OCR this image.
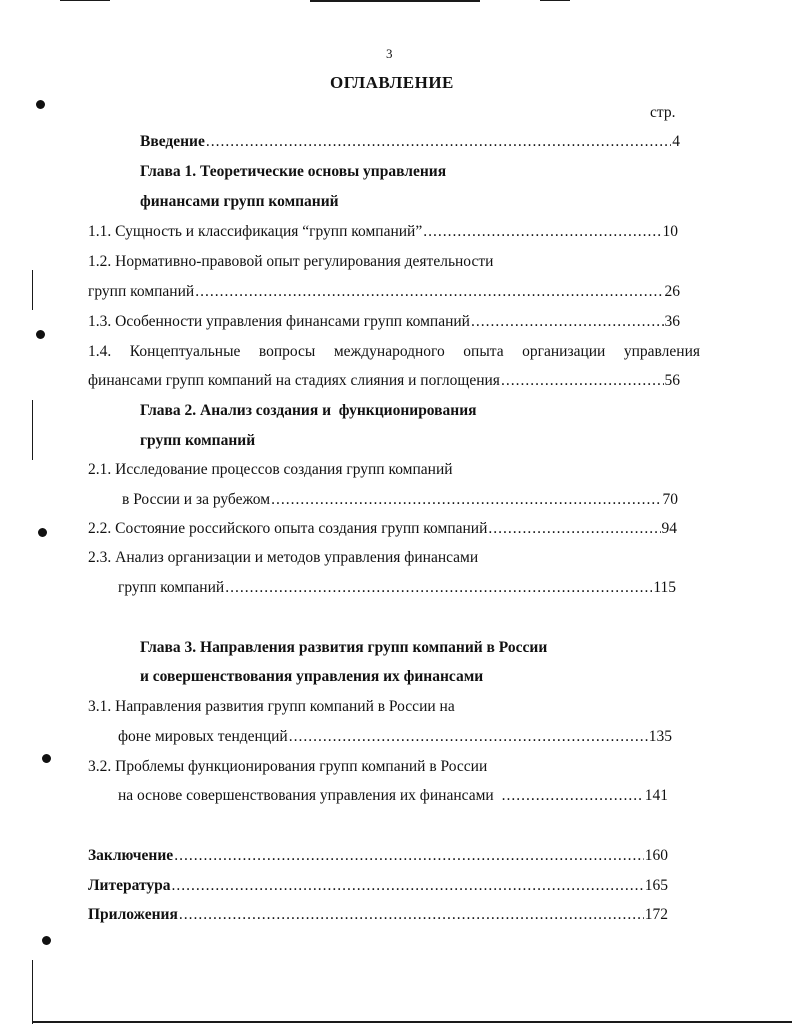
3
ОГЛАВЛЕНИЕ
стр.
Введение .....	4
Глава 1. Теоретические основы управления
финансами групп компаний
1.1. Сущность и классификация “групп компаний” .....	10
1.2. Нормативно-правовой опыт регулирования деятельности
групп компаний .....	26
1.3. Особенности управления финансами групп компаний .....	36
1.4. Концептуальные вопросы международного опыта организации управления
финансами групп компаний на стадиях слияния и поглощения .....	56
Глава 2. Анализ создания и  функционирования
групп компаний
2.1. Исследование процессов создания групп компаний
в России и за рубежом .....	70
2.2. Состояние российского опыта создания групп компаний .....	94
2.3. Анализ организации и методов управления финансами
групп компаний .....	115
Глава 3. Направления развития групп компаний в России
и совершенствования управления их финансами
3.1. Направления развития групп компаний в России на
фоне мировых тенденций .....	135
3.2. Проблемы функционирования групп компаний в России
на основе совершенствования управления их финансами .....	141
Заключение .....	160
Литература .....	165
Приложения .....	172
